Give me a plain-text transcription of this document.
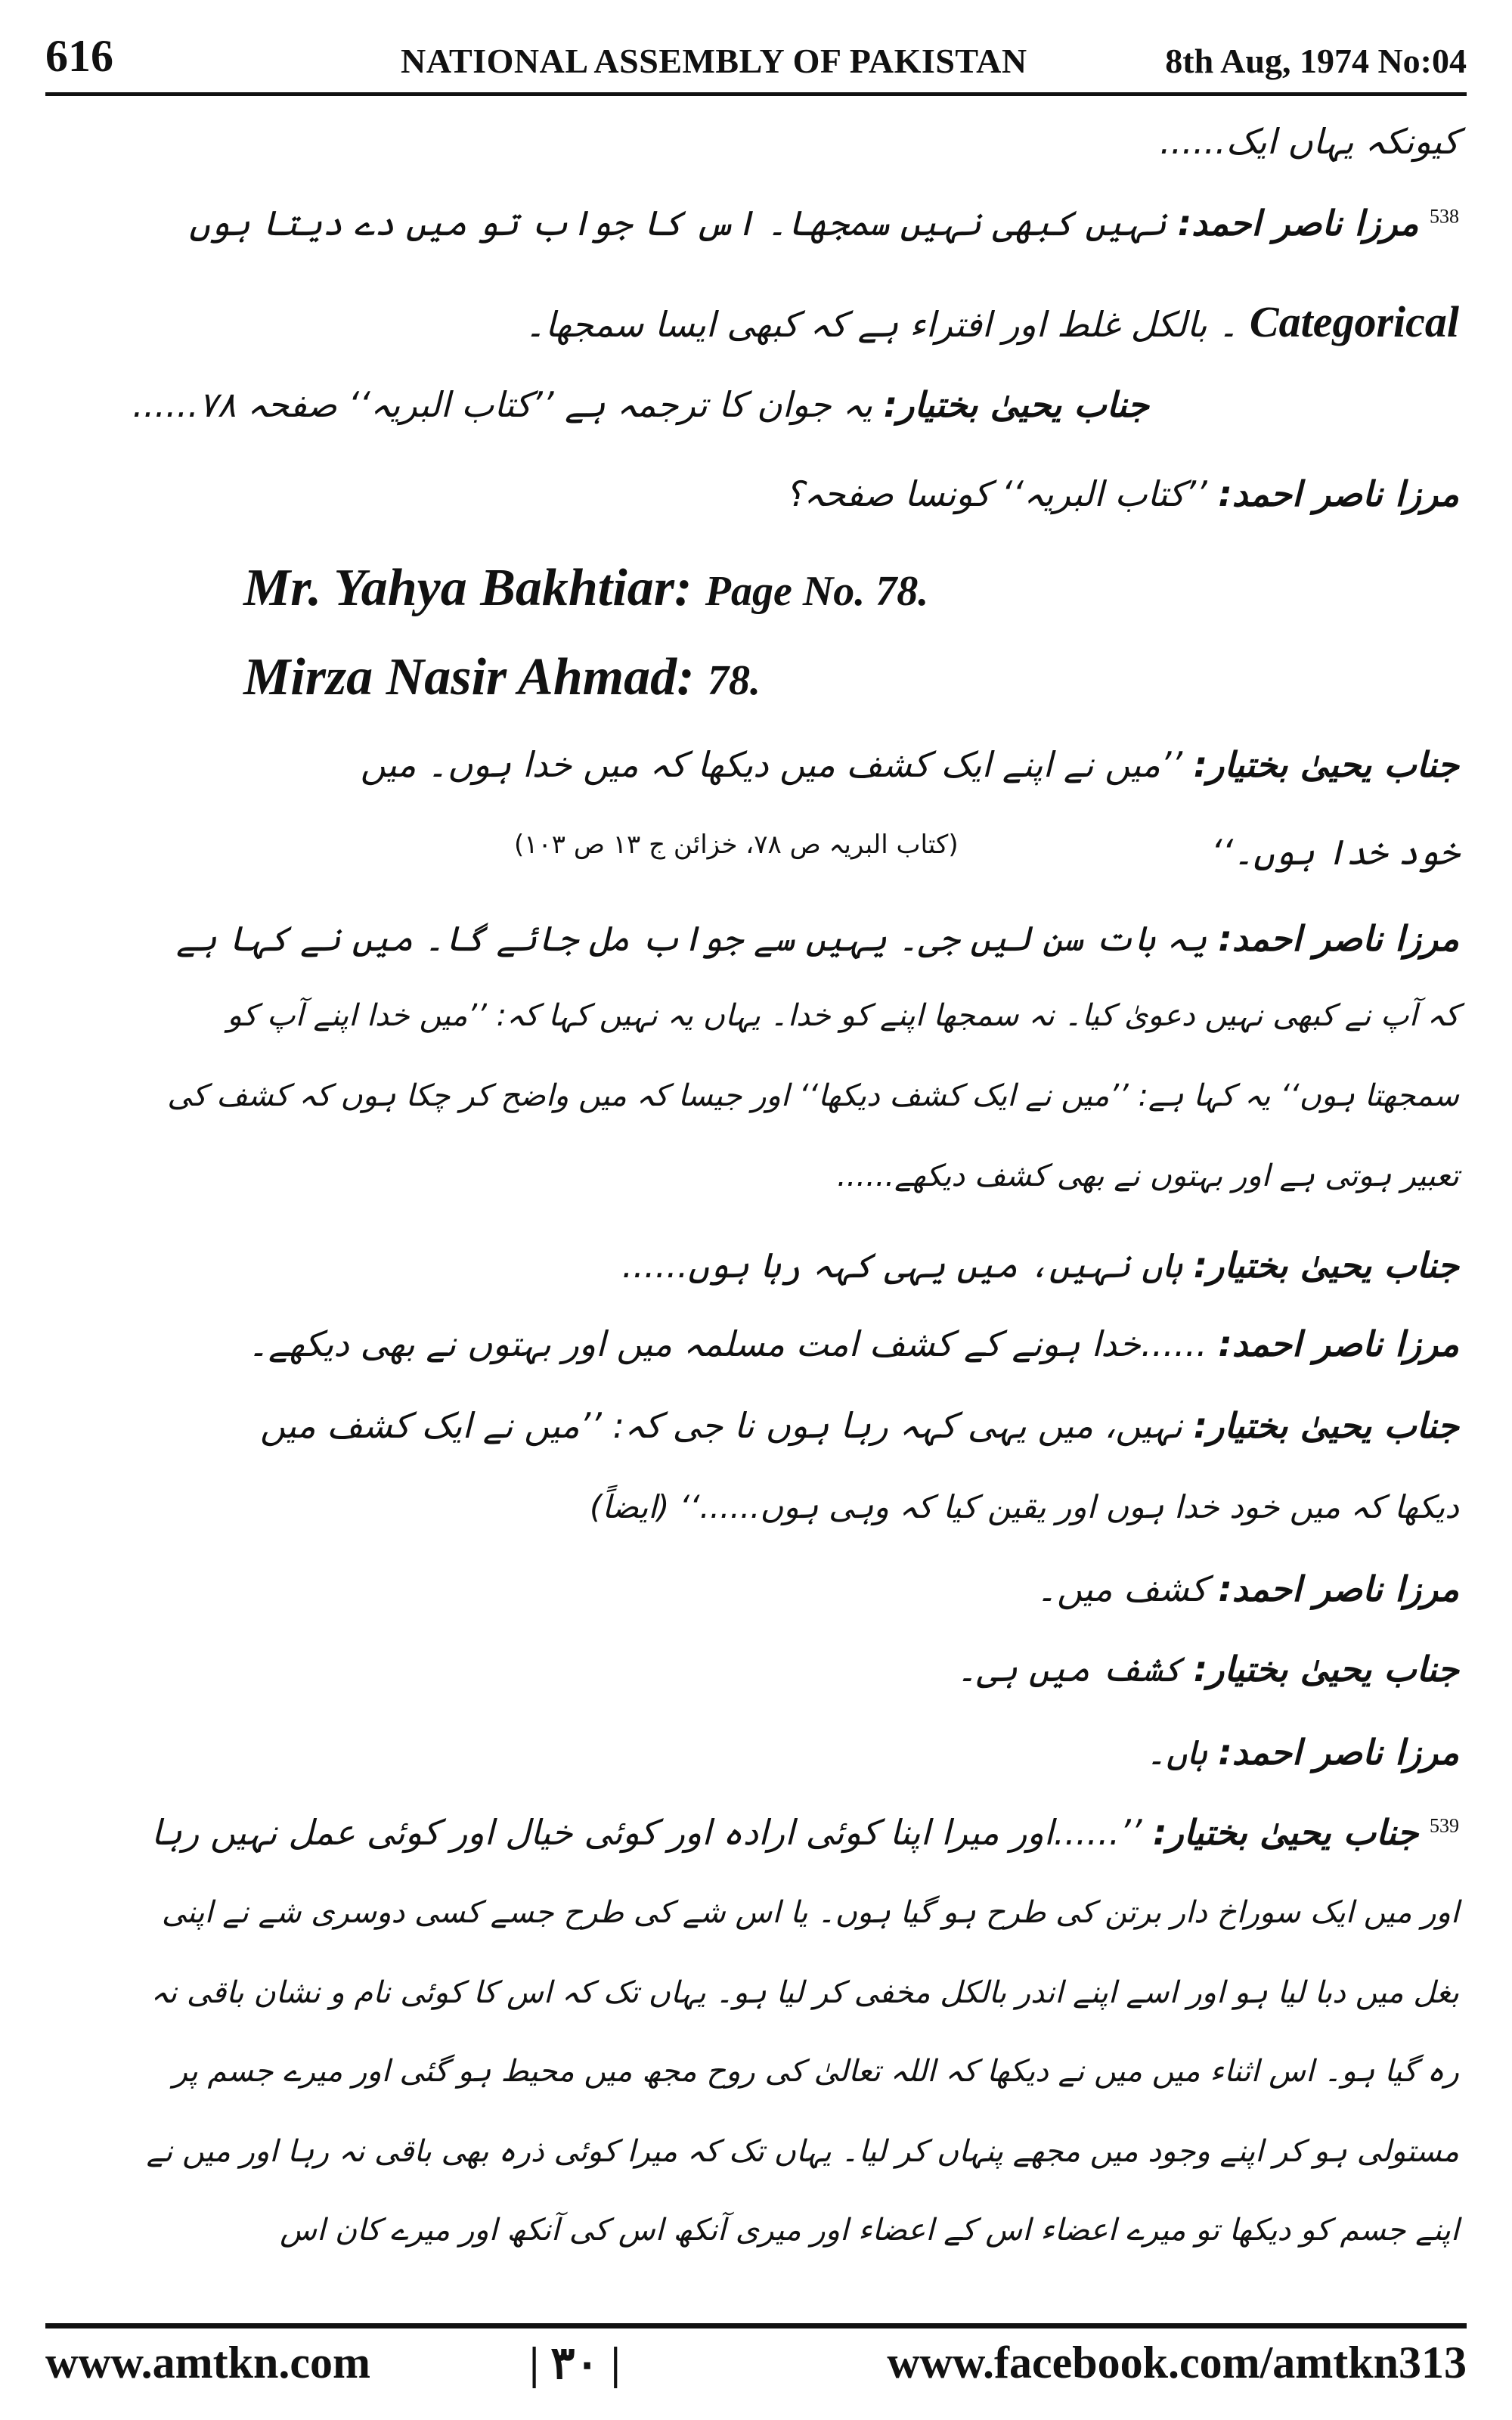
616	NATIONAL ASSEMBLY OF PAKISTAN	8th Aug, 1974 No:04
کیونکہ یہاں ایک......
$^{538}$ مرزا ناصر احمد: نہیں کبھی نہیں سمجھا۔ اس کا جواب تو میں دے دیتا ہوں
Categorical ۔ بالکل غلط اور افتراء ہے کہ کبھی ایسا سمجھا۔
جناب یحییٰ بختیار: یہ جوان کا ترجمہ ہے ’’کتاب البریہ‘‘ صفحہ ۷۸......
مرزا ناصر احمد: ’’کتاب البریہ‘‘ کونسا صفحہ؟
Mr. Yahya Bakhtiar: Page No. 78.
Mirza Nasir Ahmad: 78.
جناب یحییٰ بختیار: ’’میں نے اپنے ایک کشف میں دیکھا کہ میں خدا ہوں۔ میں
خود خدا ہوں۔‘‘
(کتاب البریہ ص ۷۸، خزائن ج ۱۳ ص ۱۰۳)
مرزا ناصر احمد: یہ بات سن لیں جی۔ یہیں سے جواب مل جائے گا۔ میں نے کہا ہے
کہ آپ نے کبھی نہیں دعویٰ کیا۔ نہ سمجھا اپنے کو خدا۔ یہاں یہ نہیں کہا کہ: ’’میں خدا اپنے آپ کو
سمجھتا ہوں‘‘ یہ کہا ہے: ’’میں نے ایک کشف دیکھا‘‘ اور جیسا کہ میں واضح کر چکا ہوں کہ کشف کی
تعبیر ہوتی ہے اور بہتوں نے بھی کشف دیکھے......
جناب یحییٰ بختیار: ہاں نہیں، میں یہی کہہ رہا ہوں......
مرزا ناصر احمد: ......خدا ہونے کے کشف امت مسلمہ میں اور بہتوں نے بھی دیکھے۔
جناب یحییٰ بختیار: نہیں، میں یہی کہہ رہا ہوں نا جی کہ: ’’میں نے ایک کشف میں
دیکھا کہ میں خود خدا ہوں اور یقین کیا کہ وہی ہوں......‘‘ (ایضاً)
مرزا ناصر احمد: کشف میں۔
جناب یحییٰ بختیار: کشف میں ہی۔
مرزا ناصر احمد: ہاں۔
$^{539}$ جناب یحییٰ بختیار: ’’......اور میرا اپنا کوئی ارادہ اور کوئی خیال اور کوئی عمل نہیں رہا
اور میں ایک سوراخ دار برتن کی طرح ہو گیا ہوں۔ یا اس شے کی طرح جسے کسی دوسری شے نے اپنی
بغل میں دبا لیا ہو اور اسے اپنے اندر بالکل مخفی کر لیا ہو۔ یہاں تک کہ اس کا کوئی نام و نشان باقی نہ
رہ گیا ہو۔ اس اثناء میں میں نے دیکھا کہ اللہ تعالیٰ کی روح مجھ میں محیط ہو گئی اور میرے جسم پر
مستولی ہو کر اپنے وجود میں مجھے پنہاں کر لیا۔ یہاں تک کہ میرا کوئی ذرہ بھی باقی نہ رہا اور میں نے
اپنے جسم کو دیکھا تو میرے اعضاء اس کے اعضاء اور میری آنکھ اس کی آنکھ اور میرے کان اس
www.amtkn.com	| ۳۰ |	www.facebook.com/amtkn313
